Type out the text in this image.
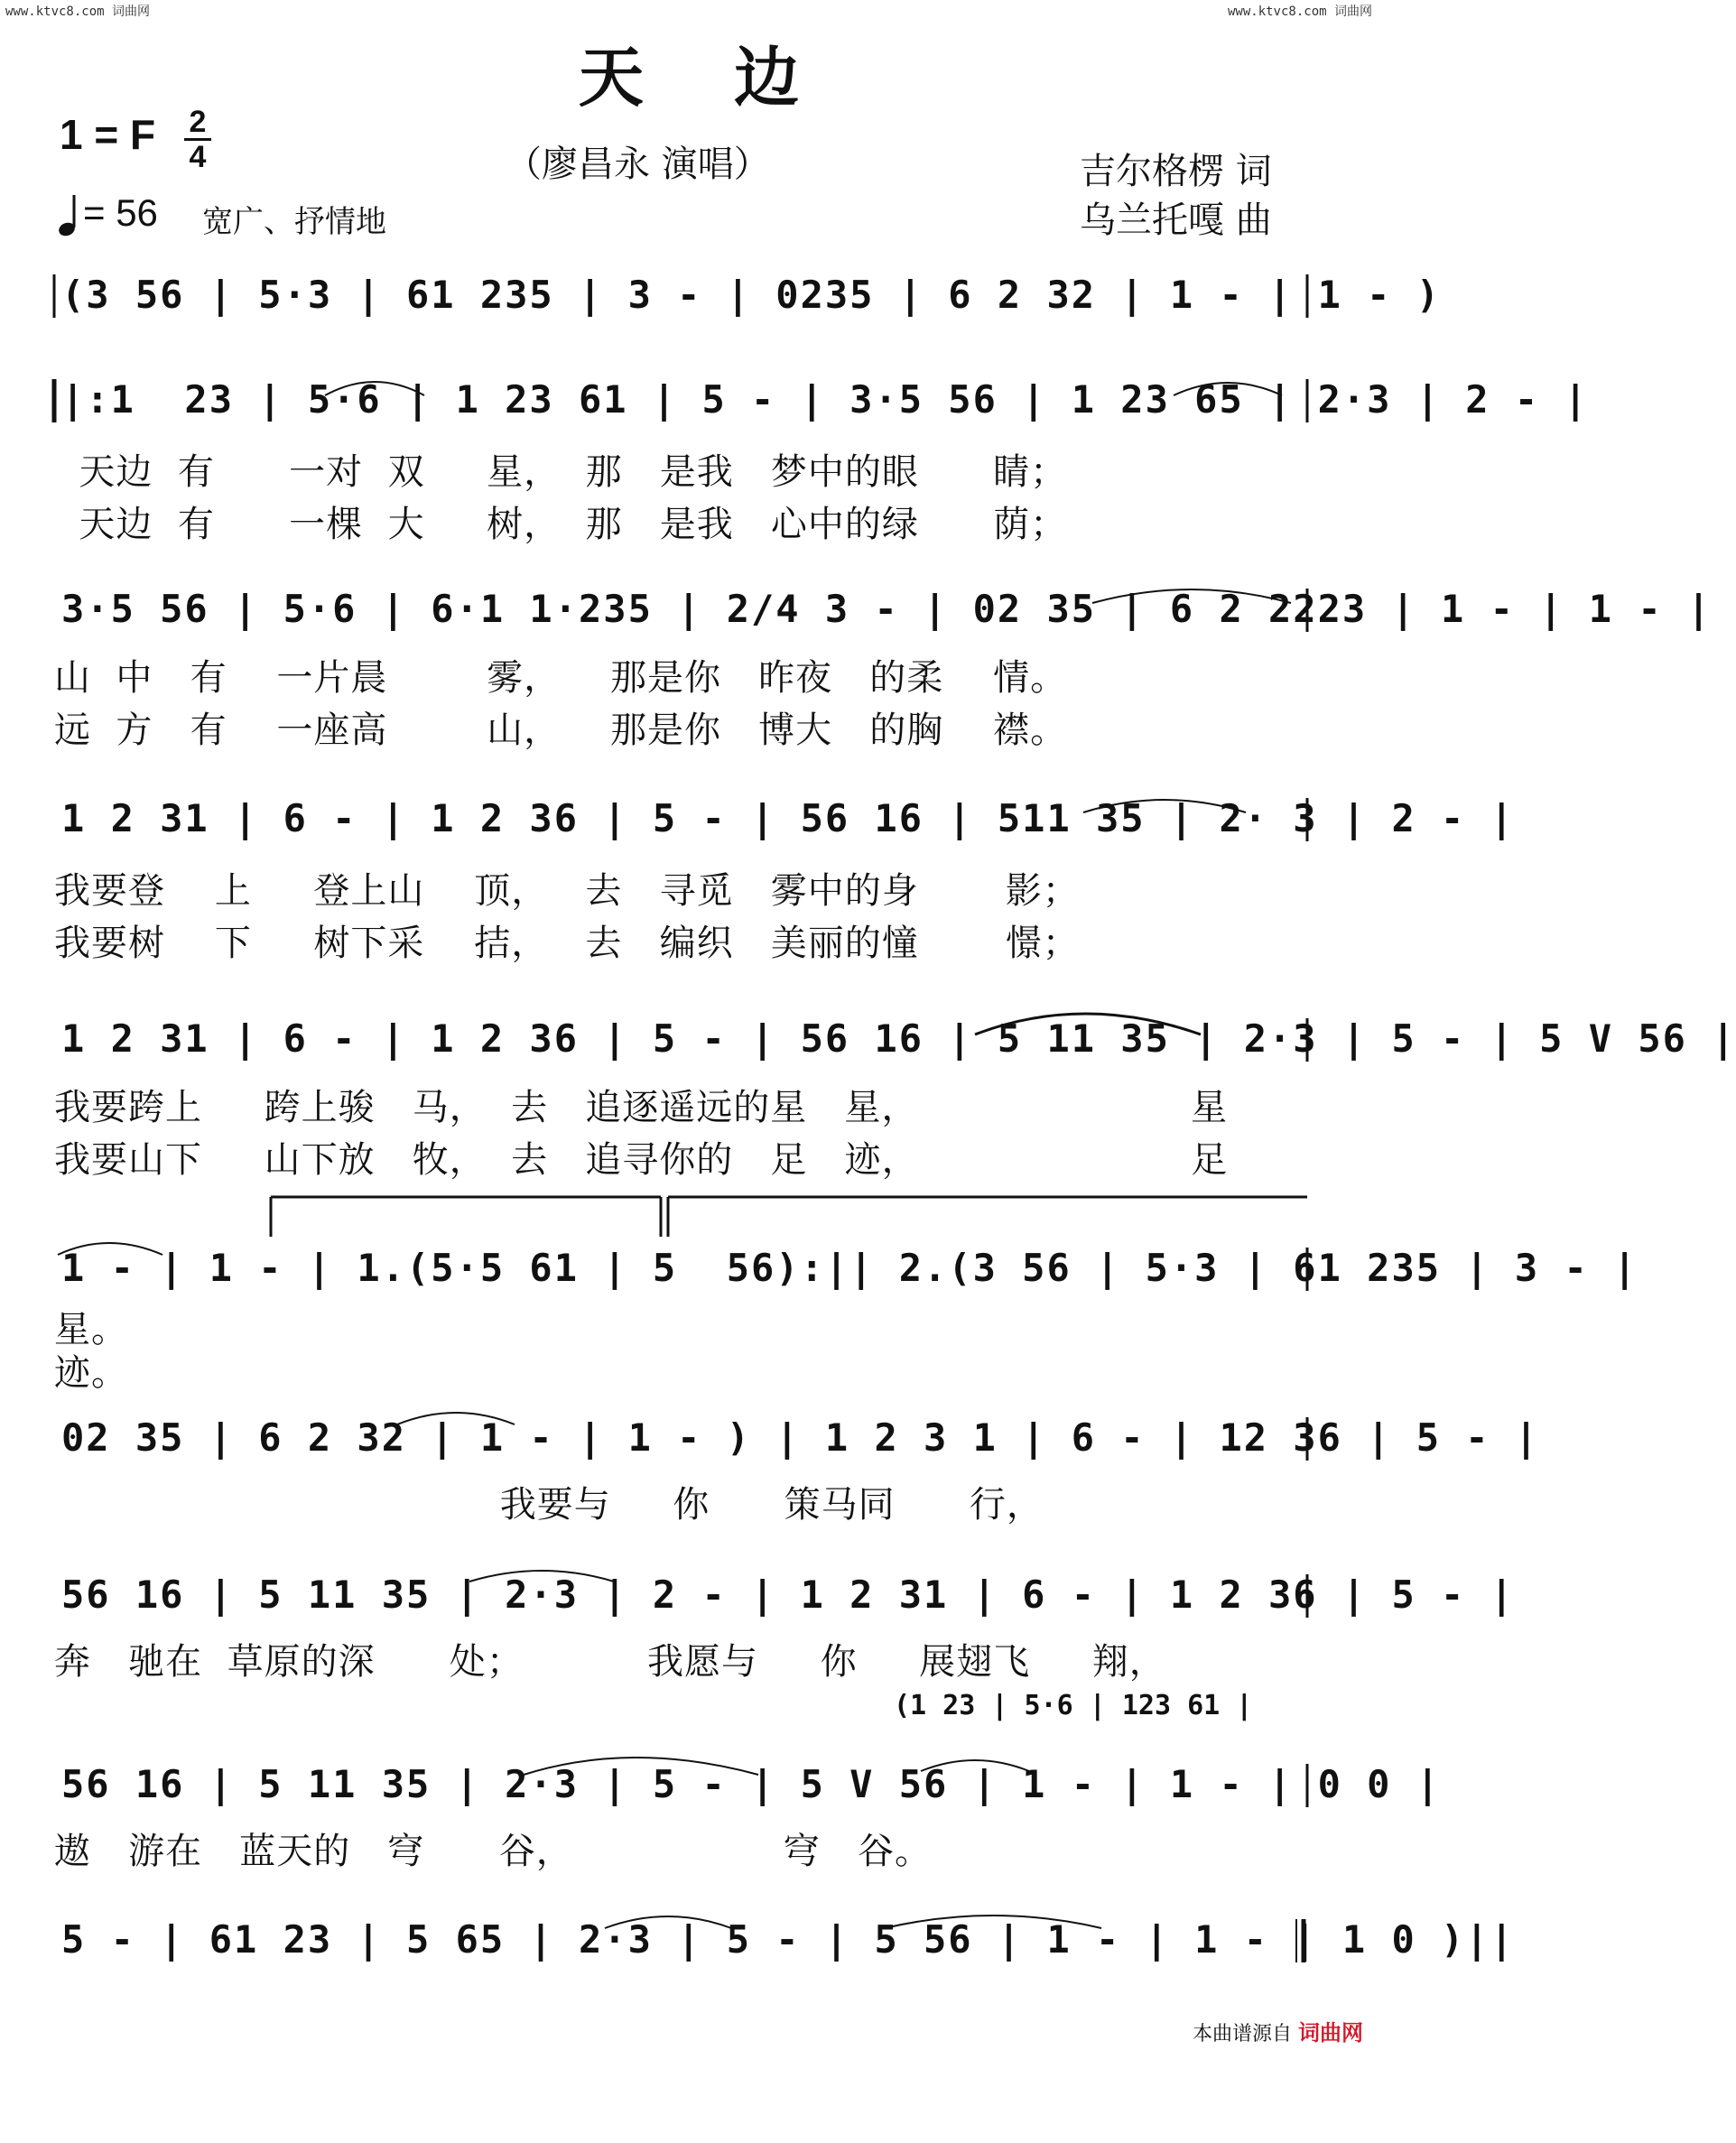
www.ktvc8.com 词曲网	www.ktvc8.com 词曲网
天    边
1 = F 2
4	（廖昌永 演唱）	吉尔格楞 词
乌兰托嘎 曲
= 56 宽广、抒情地

(3 56 | 5·3 | 61 235 | 3 - | 0235 | 6 2 32 | 1 - | 1 - )

|:1  23 | 5·6 | 1 23 61 | 5 - | 3·5 56 | 1 23 65 | 2·3 | 2 - |

天边  有      一对  双     星，  那   是我   梦中的眼      睛；
天边  有      一棵  大     树，  那   是我   心中的绿      荫；

3·5 56 | 5·6 | 6·1 1·235 | 2/4 3 - | 02 35 | 6 2 2223 | 1 - | 1 - |

山  中   有    一片晨        雾，    那是你   昨夜   的柔    情。
远  方   有    一座高        山，    那是你   博大   的胸    襟。

1 2 31 | 6 - | 1 2 36 | 5 - | 56 16 | 511 35 | 2· 3 | 2 - |

我要登    上     登上山    顶，   去   寻觅   雾中的身       影；
我要树    下     树下采    拮，   去   编织   美丽的憧       憬；

1 2 31 | 6 - | 1 2 36 | 5 - | 56 16 | 5 11 35 | 2·3 | 5 - | 5 V 56 |

我要跨上     跨上骏   马，  去   追逐遥远的星   星，                      星
我要山下     山下放   牧，  去   追寻你的   足   迹，                      足

1 - | 1 - | 1.(5·5 61 | 5  56):|| 2.(3 56 | 5·3 | 61 235 | 3 - |

星。
迹。

02 35 | 6 2 32 | 1 - | 1 - ) | 1 2 3 1 | 6 - | 12 36 | 5 - |

我要与     你      策马同      行，

56 16 | 5 11 35 | 2·3 | 2 - | 1 2 31 | 6 - | 1 2 36 | 5 - |

奔   驰在  草原的深      处；          我愿与     你     展翅飞     翔，
(1 23 | 5·6 | 123 61 |

56 16 | 5 11 35 | 2·3 | 5 - | 5 V 56 | 1 - | 1 - | 0 0 |

遨   游在   蓝天的   穹      谷，                 穹   谷。

5 - | 61 23 | 5 65 | 2·3 | 5 - | 5 56 | 1 - | 1 - | 1 0 )||

本曲谱源自 词曲网
